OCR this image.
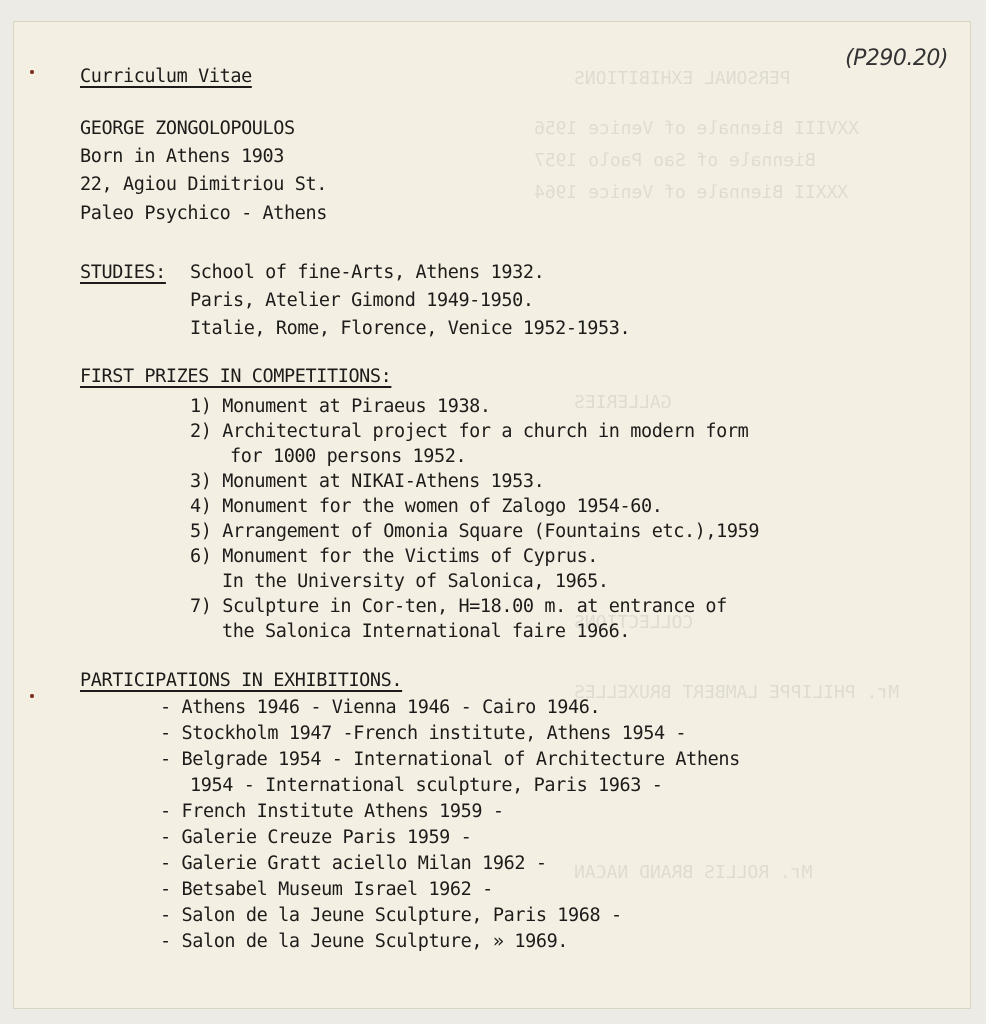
PERSONAL EXHIBITIONS
XXVIII Biennale of Venice 1956
Biennale of Sao Paolo 1957
XXXII Biennale of Venice 1964
GALLERIES
COLLECTIONS
Mr. PHILIPPE LAMBERT BRUXELLES
Mr. ROLLIS BRAND NACAN
(P290.20)
Curriculum Vitae
GEORGE ZONGOLOPOULOS
Born in Athens 1903
22, Agiou Dimitriou St.
Paleo Psychico - Athens
STUDIES: School of fine-Arts, Athens 1932.
Paris, Atelier Gimond 1949-1950.
Italie, Rome, Florence, Venice 1952-1953.
FIRST PRIZES IN COMPETITIONS:
1) Monument at Piraeus 1938.
2) Architectural project for a church in modern form
for 1000 persons 1952.
3) Monument at NIKAI-Athens 1953.
4) Monument for the women of Zalogo 1954-60.
5) Arrangement of Omonia Square (Fountains etc.),1959
6) Monument for the Victims of Cyprus.
In the University of Salonica, 1965.
7) Sculpture in Cor-ten, H=18.00 m. at entrance of
the Salonica International faire 1966.
PARTICIPATIONS IN EXHIBITIONS.
- Athens 1946 - Vienna 1946 - Cairo 1946.
- Stockholm 1947 -French institute, Athens 1954 -
- Belgrade 1954 - International of Architecture Athens
1954 - International sculpture, Paris 1963 -
- French Institute Athens 1959 -
- Galerie Creuze Paris 1959 -
- Galerie Gratt aciello Milan 1962 -
- Betsabel Museum Israel 1962 -
- Salon de la Jeune Sculpture, Paris 1968 -
- Salon de la Jeune Sculpture, » 1969.
